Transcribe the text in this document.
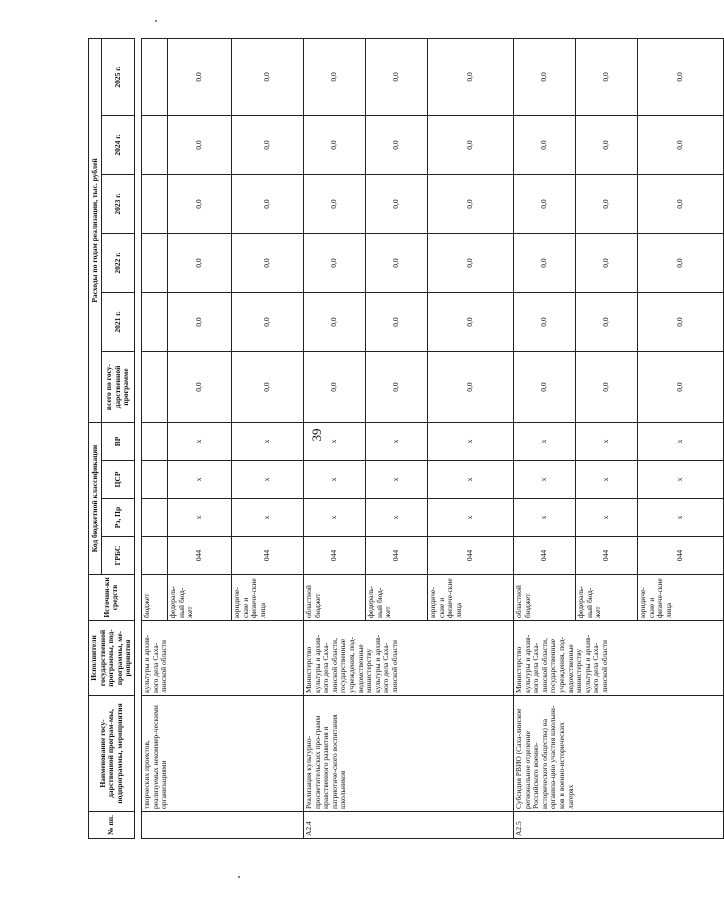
39
№ пп.	Наименование госу-дарственной програм-мы, подпрограммы, мероприятия	Исполнители государственной программы, под-программы, ме-роприятия	Источни-ки средств	Код бюджетной классификации				Расходы по годам реализации, тыс. рублей					
				ГРБС	Рз, Пр	ЦСР	ВР	всего по госу-дарственной программе	2021 г.	2022 г.	2023 г.	2024 г.	2025 г.

	творческих проектов, реализуемых некоммер-ческими организациями	культуры и архив-ного дела Саха-линской области	бюджет										
			федераль-ный бюд-жет	044	х	х	х	0,0	0,0	0,0	0,0	0,0	0,0
			юридиче-ские и физиче-ские лица	044	х	х	х	0,0	0,0	0,0	0,0	0,0	0,0
А2.4	Реализация культурно-просветительских про-грамм нравственного развития и патриотиче-ского воспитания школьников	Министерство культуры и архив-ного дела Саха-линской области, государственные учреждения, под-ведомственные министерству культуры и архив-ного дела Саха-линской области	областной бюджет	044	х	х	х	0,0	0,0	0,0	0,0	0,0	0,0
			федераль-ный бюд-жет	044	х	х	х	0,0	0,0	0,0	0,0	0,0	0,0
			юридиче-ские и физиче-ские лица	044	х	х	х	0,0	0,0	0,0	0,0	0,0	0,0
А2.5	Субсидия РВИО (Саха-линское региональное отделение Российского военно-исторического общества) на организа-цию участия школьни-ков в военно-исторических лагерях	Министерство культуры и архив-ного дела Саха-линской области, государственные учреждения, под-ведомственные министерству культуры и архив-ного дела Саха-линской области	областной бюджет	044	х	х	х	0,0	0,0	0,0	0,0	0,0	0,0
			федераль-ный бюд-жет	044	х	х	х	0,0	0,0	0,0	0,0	0,0	0,0
			юридиче-ские и физиче-ские лица	044	х	х	х	0,0	0,0	0,0	0,0	0,0	0,0
